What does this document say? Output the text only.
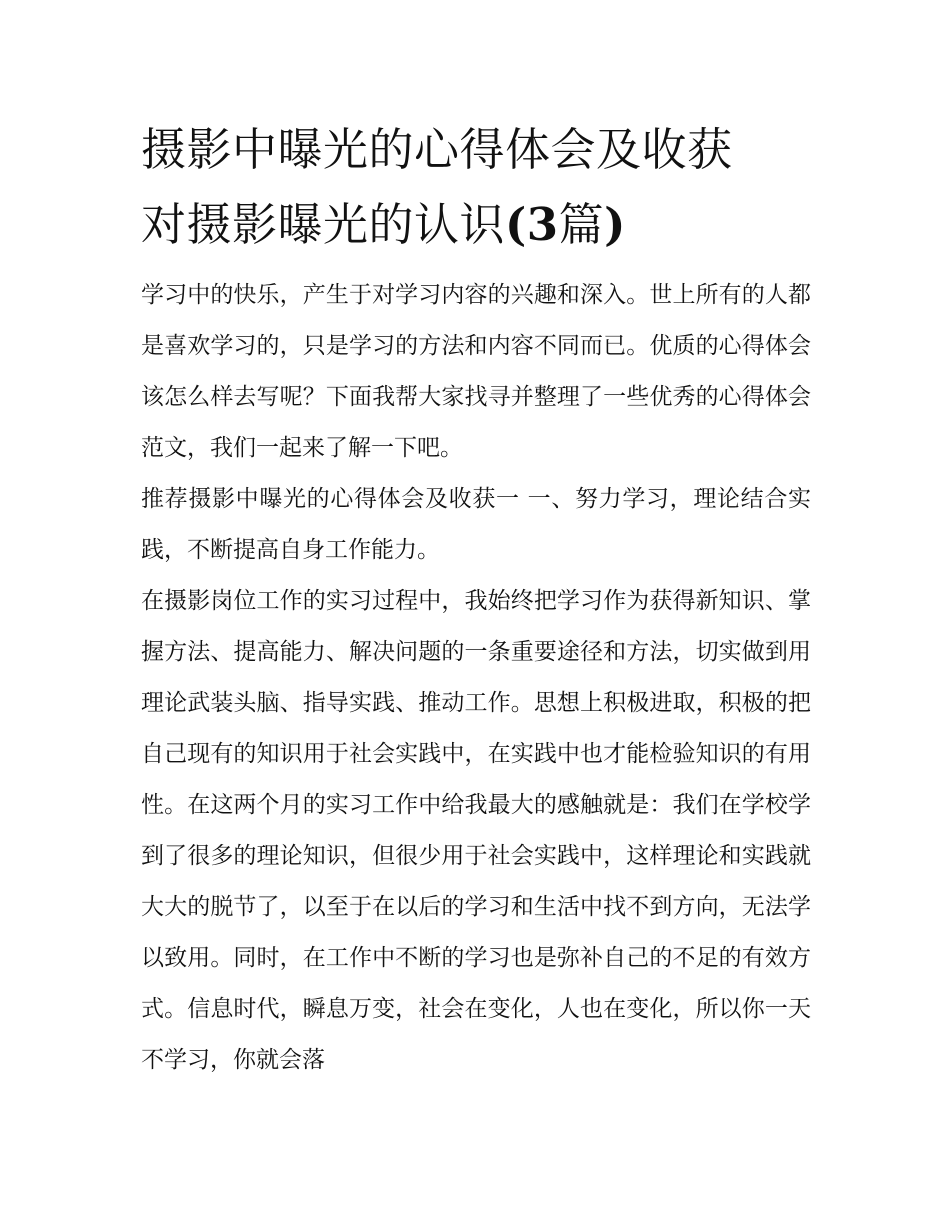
摄影中曝光的心得体会及收获
对摄影曝光的认识(3篇)

学习中的快乐，产生于对学习内容的兴趣和深入。世上所有的人都是喜欢学习的，只是学习的方法和内容不同而已。优质的心得体会该怎么样去写呢？下面我帮大家找寻并整理了一些优秀的心得体会范文，我们一起来了解一下吧。

推荐摄影中曝光的心得体会及收获一 一、努力学习，理论结合实践，不断提高自身工作能力。

在摄影岗位工作的实习过程中，我始终把学习作为获得新知识、掌握方法、提高能力、解决问题的一条重要途径和方法，切实做到用理论武装头脑、指导实践、推动工作。思想上积极进取，积极的把自己现有的知识用于社会实践中，在实践中也才能检验知识的有用性。在这两个月的实习工作中给我最大的感触就是：我们在学校学到了很多的理论知识，但很少用于社会实践中，这样理论和实践就大大的脱节了，以至于在以后的学习和生活中找不到方向，无法学以致用。同时，在工作中不断的学习也是弥补自己的不足的有效方式。信息时代，瞬息万变，社会在变化，人也在变化，所以你一天不学习，你就会落
